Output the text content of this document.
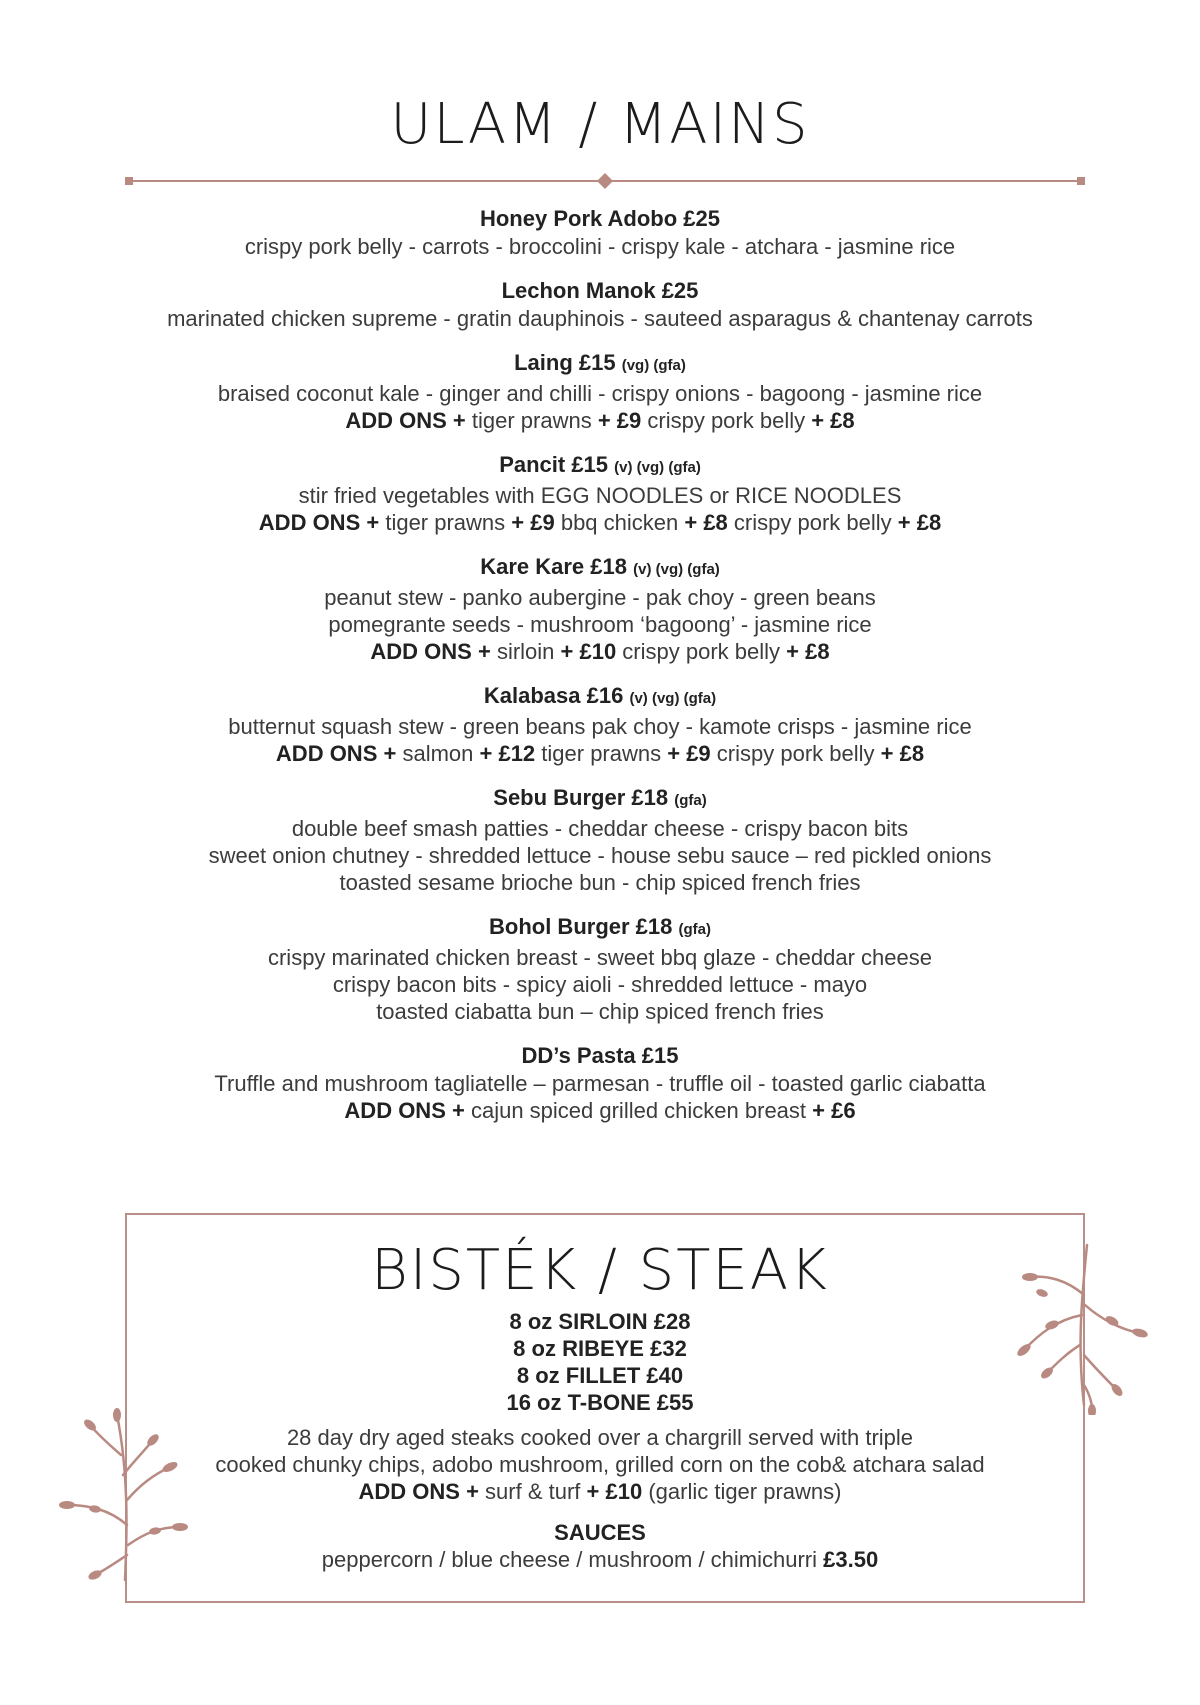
ULAM / MAINS
Honey Pork Adobo £25
crispy pork belly - carrots - broccolini - crispy kale - atchara - jasmine rice
Lechon Manok £25
marinated chicken supreme - gratin dauphinois - sauteed asparagus & chantenay carrots
Laing £15 (vg) (gfa)
braised coconut kale - ginger and chilli - crispy onions - bagoong - jasmine rice
ADD ONS + tiger prawns + £9 crispy pork belly + £8
Pancit £15 (v) (vg) (gfa)
stir fried vegetables with EGG NOODLES or RICE NOODLES
ADD ONS + tiger prawns + £9 bbq chicken + £8 crispy pork belly + £8
Kare Kare £18 (v) (vg) (gfa)
peanut stew - panko aubergine - pak choy - green beans
pomegrante seeds - mushroom ‘bagoong’ - jasmine rice
ADD ONS + sirloin + £10 crispy pork belly + £8
Kalabasa £16 (v) (vg) (gfa)
butternut squash stew - green beans pak choy - kamote crisps - jasmine rice
ADD ONS + salmon + £12 tiger prawns + £9 crispy pork belly + £8
Sebu Burger £18 (gfa)
double beef smash patties - cheddar cheese - crispy bacon bits
sweet onion chutney - shredded lettuce - house sebu sauce – red pickled onions
toasted sesame brioche bun - chip spiced french fries
Bohol Burger £18 (gfa)
crispy marinated chicken breast - sweet bbq glaze - cheddar cheese
crispy bacon bits - spicy aioli - shredded lettuce - mayo
toasted ciabatta bun – chip spiced french fries
DD’s Pasta £15
Truffle and mushroom tagliatelle – parmesan - truffle oil - toasted garlic ciabatta
ADD ONS + cajun spiced grilled chicken breast + £6
BISTÉK / STEAK
8 oz SIRLOIN £28
8 oz RIBEYE £32
8 oz FILLET £40
16 oz T-BONE £55
28 day dry aged steaks cooked over a chargrill served with triple
cooked chunky chips, adobo mushroom, grilled corn on the cob& atchara salad
ADD ONS + surf & turf + £10 (garlic tiger prawns)
SAUCES
peppercorn / blue cheese / mushroom / chimichurri £3.50
